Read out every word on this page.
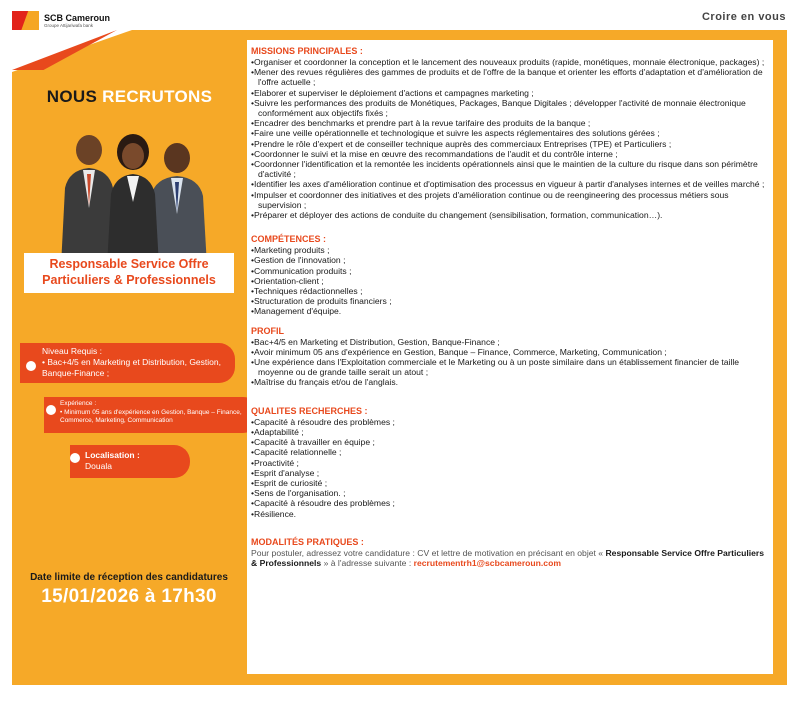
SCB Cameroun
Groupe Attijariwafa bank
Croire en vous
NOUS RECRUTONS
Responsable Service Offre
Particuliers & Professionnels
Niveau Requis :
• Bac+4/5 en Marketing et Distribution, Gestion, Banque-Finance ;
Expérience :
• Minimum 05 ans d'expérience en Gestion, Banque – Finance, Commerce, Marketing, Communication
Localisation :
Douala
Date limite de réception des candidatures
15/01/2026 à 17h30
MISSIONS PRINCIPALES :
• Organiser et coordonner la conception et le lancement des nouveaux produits (rapide, monétiques, monnaie électronique, packages) ;
• Mener des revues régulières des gammes de produits et de l'offre de la banque et orienter les efforts d'adaptation et d'amélioration de l'offre actuelle ;
• Elaborer et superviser le déploiement d'actions et campagnes marketing ;
• Suivre les performances des produits de Monétiques, Packages, Banque Digitales ; développer l'activité de monnaie électronique conformément aux objectifs fixés ;
• Encadrer des benchmarks et prendre part à la revue tarifaire des produits de la banque ;
• Faire une veille opérationnelle et technologique et suivre les aspects réglementaires des solutions gérées ;
• Prendre le rôle d'expert et de conseiller technique auprès des commerciaux Entreprises (TPE) et Particuliers ;
• Coordonner le suivi et la mise en œuvre des recommandations de l'audit et du contrôle interne ;
• Coordonner l'identification et la remontée les incidents opérationnels ainsi que le maintien de la culture du risque dans son périmètre d'activité ;
• Identifier les axes d'amélioration continue et d'optimisation des processus en vigueur à partir d'analyses internes et de veilles marché ;
• Impulser et coordonner des initiatives et des projets d'amélioration continue ou de reengineering des processus métiers sous supervision ;
• Préparer et déployer des actions de conduite du changement (sensibilisation, formation, communication…).
COMPÉTENCES :
• Marketing produits ;
• Gestion de l'innovation ;
• Communication produits ;
• Orientation-client ;
• Techniques rédactionnelles ;
• Structuration de produits financiers ;
• Management d'équipe.
PROFIL
• Bac+4/5 en Marketing et Distribution, Gestion, Banque-Finance ;
• Avoir minimum 05 ans d'expérience en Gestion, Banque – Finance, Commerce, Marketing, Communication ;
• Une expérience dans l'Exploitation commerciale et le Marketing ou à un poste similaire dans un établissement financier de taille moyenne ou de grande taille serait un atout ;
• Maîtrise du français et/ou de l'anglais.
QUALITES RECHERCHES :
• Capacité à résoudre des problèmes ;
• Adaptabilité ;
• Capacité à travailler en équipe ;
• Capacité relationnelle ;
• Proactivité ;
• Esprit d'analyse ;
• Esprit de curiosité ;
• Sens de l'organisation. ;
• Capacité à résoudre des problèmes ;
• Résilience.
MODALITÉS PRATIQUES :
Pour postuler, adressez votre candidature : CV et lettre de motivation en précisant en objet « Responsable Service Offre Particuliers & Professionnels » à l'adresse suivante : recrutementrh1@scbcameroun.com
